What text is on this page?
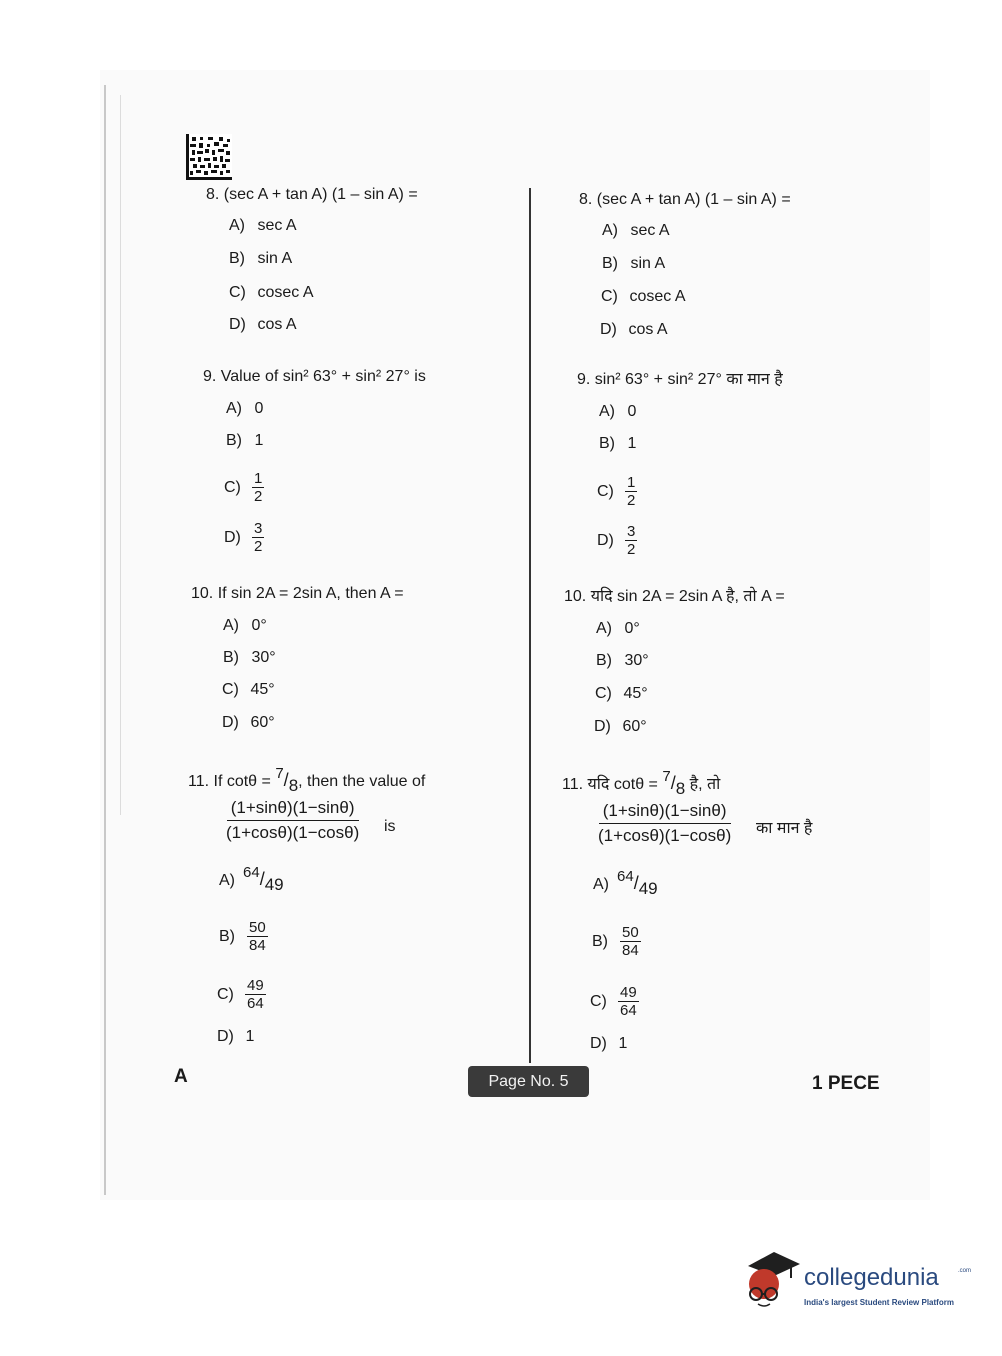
8. (sec A + tan A) (1 – sin A) =
A) sec A
B) sin A
C) cosec A
D) cos A
9. Value of sin² 63° + sin² 27° is
A) 0
B) 1
$C) \frac{1}{2}$
$D) \frac{3}{2}$
10. If sin 2A = 2sin A, then A =
A) 0°
B) 30°
C) 45°
D) 60°
11. If cotθ = 7/8, then the value of
$\frac{(1+\sin\theta)(1-\sin\theta)}{(1+\cos\theta)(1-\cos\theta)}$ is
A) 64/49
$B) \frac{50}{84}$
$C) \frac{49}{64}$
D) 1
8. (sec A + tan A) (1 – sin A) =
A) sec A
B) sin A
C) cosec A
D) cos A
9. sin² 63° + sin² 27° का मान है
A) 0
B) 1
$C) \frac{1}{2}$
$D) \frac{3}{2}$
10. यदि sin 2A = 2sin A है, तो A =
A) 0°
B) 30°
C) 45°
D) 60°
11. यदि cotθ = 7/8 है, तो
$\frac{(1+\sin\theta)(1-\sin\theta)}{(1+\cos\theta)(1-\cos\theta)}$ का मान है
A) 64/49
$B) \frac{50}{84}$
$C) \frac{49}{64}$
D) 1
A	Page No. 5	1 PECE
collegedunia	.com
India's largest Student Review Platform
